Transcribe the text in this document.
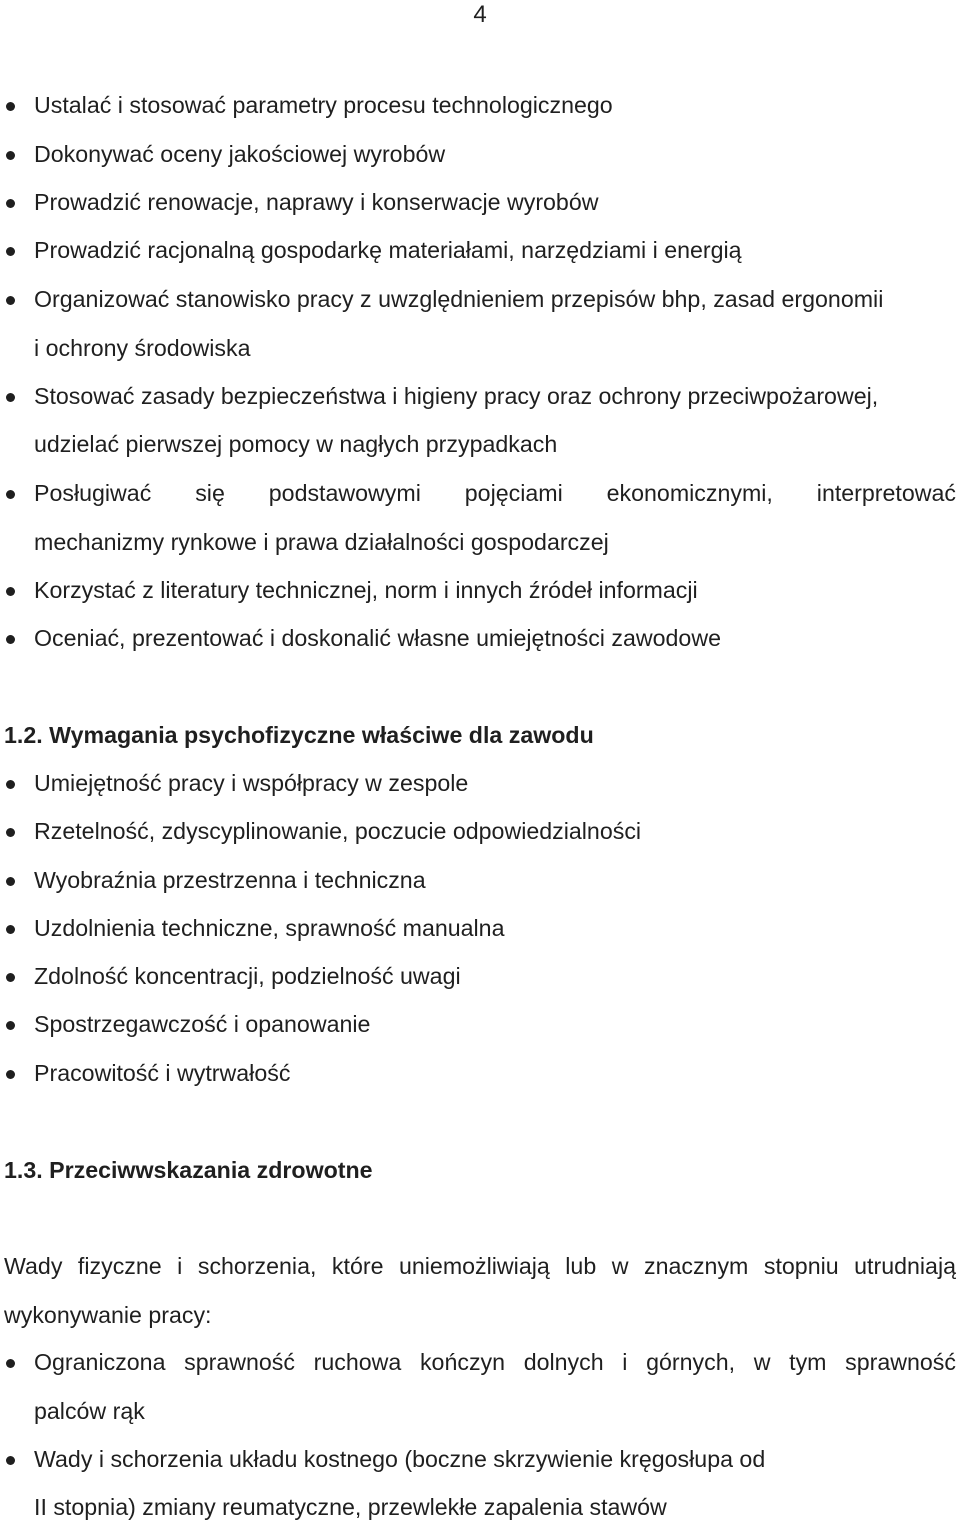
4
Ustalać i stosować parametry procesu technologicznego
Dokonywać oceny jakościowej wyrobów
Prowadzić renowacje, naprawy i konserwacje wyrobów
Prowadzić racjonalną gospodarkę materiałami, narzędziami i energią
Organizować stanowisko pracy z uwzględnieniem przepisów bhp, zasad ergonomii
i ochrony środowiska
Stosować zasady bezpieczeństwa i higieny pracy oraz ochrony przeciwpożarowej,
udzielać pierwszej pomocy w nagłych przypadkach
Posługiwać się podstawowymi pojęciami ekonomicznymi, interpretować
mechanizmy rynkowe i prawa działalności gospodarczej
Korzystać z literatury technicznej, norm i innych źródeł informacji
Oceniać, prezentować i doskonalić własne umiejętności zawodowe
1.2. Wymagania psychofizyczne właściwe dla zawodu
Umiejętność pracy i współpracy w zespole
Rzetelność, zdyscyplinowanie, poczucie odpowiedzialności
Wyobraźnia przestrzenna i techniczna
Uzdolnienia techniczne, sprawność manualna
Zdolność koncentracji, podzielność uwagi
Spostrzegawczość i opanowanie
Pracowitość i wytrwałość
1.3. Przeciwwskazania zdrowotne
Wady fizyczne i schorzenia, które uniemożliwiają lub w znacznym stopniu utrudniają
wykonywanie pracy:
Ograniczona sprawność ruchowa kończyn dolnych i górnych, w tym sprawność
palców rąk
Wady i schorzenia układu kostnego (boczne skrzywienie kręgosłupa od
II stopnia) zmiany reumatyczne, przewlekłe zapalenia stawów
